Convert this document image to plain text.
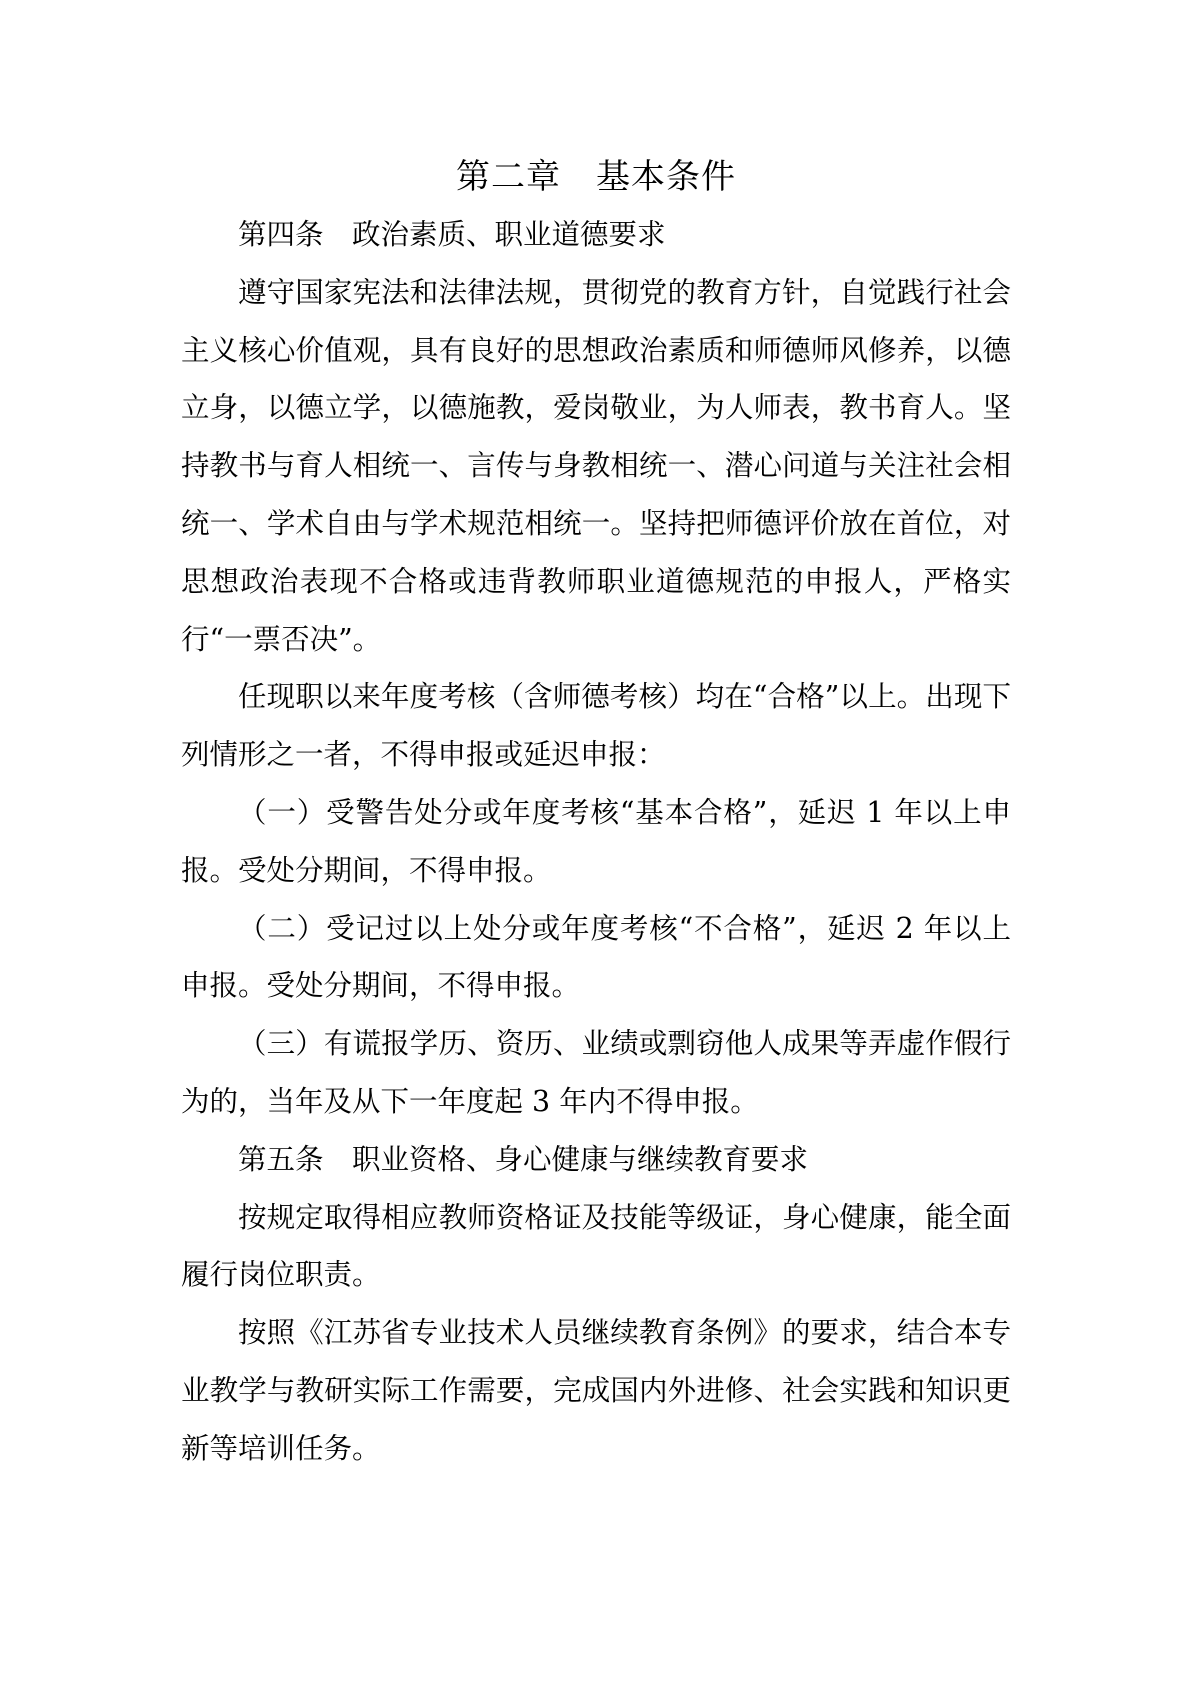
第二章　基本条件

第四条　政治素质、职业道德要求

遵守国家宪法和法律法规，贯彻党的教育方针，自觉践行社会主义核心价值观，具有良好的思想政治素质和师德师风修养，以德立身，以德立学，以德施教，爱岗敬业，为人师表，教书育人。坚持教书与育人相统一、言传与身教相统一、潜心问道与关注社会相统一、学术自由与学术规范相统一。坚持把师德评价放在首位，对思想政治表现不合格或违背教师职业道德规范的申报人，严格实行“一票否决”。

任现职以来年度考核（含师德考核）均在“合格”以上。出现下列情形之一者，不得申报或延迟申报：

（一）受警告处分或年度考核“基本合格”，延迟 1 年以上申报。受处分期间，不得申报。

（二）受记过以上处分或年度考核“不合格”，延迟 2 年以上申报。受处分期间，不得申报。

（三）有谎报学历、资历、业绩或剽窃他人成果等弄虚作假行为的，当年及从下一年度起 3 年内不得申报。

第五条　职业资格、身心健康与继续教育要求

按规定取得相应教师资格证及技能等级证，身心健康，能全面履行岗位职责。

按照《江苏省专业技术人员继续教育条例》的要求，结合本专业教学与教研实际工作需要，完成国内外进修、社会实践和知识更新等培训任务。
